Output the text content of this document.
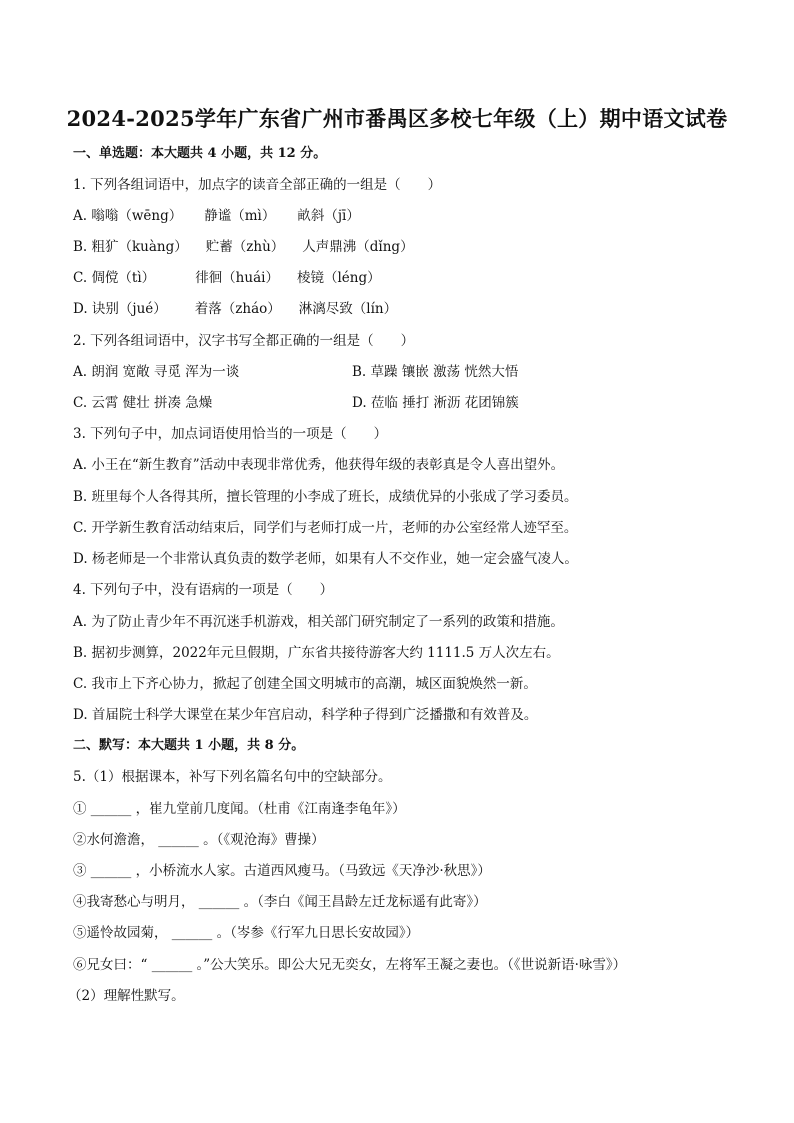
2024-2025学年广东省广州市番禺区多校七年级（上）期中语文试卷
一、单选题：本大题共 4 小题，共 12 分。
1. 下列各组词语中，加点字的读音全部正确的一组是（　　）
A. 嗡嗡（wēng） 静谧（mì） 畝斜（jī）
B. 粗犷（kuàng） 贮蓄（zhù） 人声鼎沸（dǐng）
C. 倜傥（tì）	徘徊（huái） 棱镜（léng）
D. 诀别（jué） 着落（zháo） 淋漓尽致（lín）
2. 下列各组词语中，汉字书写全都正确的一组是（　　）
A. 朗润 宽敞 寻觅 浑为一谈	B. 草躁 镶嵌 激荡 恍然大悟
C. 云霄 健壮 拼凑 急燥	D. 莅临 捶打 淅沥 花团锦簇
3. 下列句子中，加点词语使用恰当的一项是（　　）
A. 小王在“新生教育”活动中表现非常优秀，他获得年级的表彰真是令人喜出望外。
B. 班里每个人各得其所，擅长管理的小李成了班长，成绩优异的小张成了学习委员。
C. 开学新生教育活动结束后，同学们与老师打成一片，老师的办公室经常人迹罕至。
D. 杨老师是一个非常认真负责的数学老师，如果有人不交作业，她一定会盛气凌人。
4. 下列句子中，没有语病的一项是（　　）
A. 为了防止青少年不再沉迷手机游戏，相关部门研究制定了一系列的政策和措施。
B. 据初步测算，2022年元旦假期，广东省共接待游客大约 1111.5 万人次左右。
C. 我市上下齐心协力，掀起了创建全国文明城市的高潮，城区面貌焕然一新。
D. 首届院士科学大课堂在某少年宫启动，科学种子得到广泛播撒和有效普及。
二、默写：本大题共 1 小题，共 8 分。
5.（1）根据课本，补写下列名篇名句中的空缺部分。
① ______ ，崔九堂前几度闻。（杜甫《江南逢李龟年》）
②水何澹澹， ______ 。（《观沧海》曹操）
③ ______ ，小桥流水人家。古道西风瘦马。（马致远《天净沙·秋思》）
④我寄愁心与明月， ______ 。（李白《闻王昌龄左迁龙标遥有此寄》）
⑤遥怜故园菊， ______ 。（岑参《行军九日思长安故园》）
⑥兄女曰：“ ______ 。”公大笑乐。即公大兄无奕女，左将军王凝之妻也。（《世说新语·咏雪》）
（2）理解性默写。
